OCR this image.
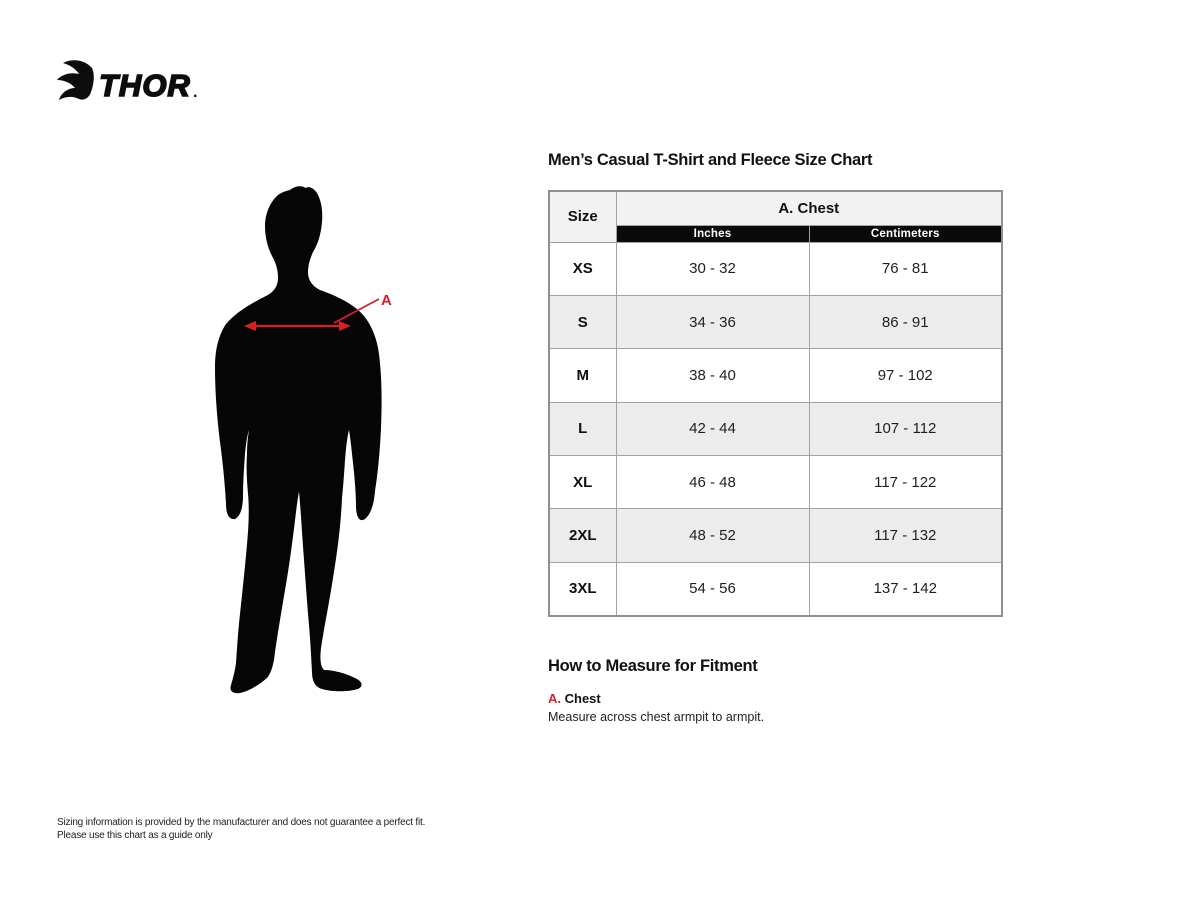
THOR .
A
Men’s Casual T-Shirt and Fleece Size Chart
Size	A. Chest	
	Inches	Centimeters
XS	30 - 32	76 - 81
S	34 - 36	86 - 91
M	38 - 40	97 - 102
L	42 - 44	107 - 112
XL	46 - 48	117 - 122
2XL	48 - 52	117 - 132
3XL	54 - 56	137 - 142
How to Measure for Fitment
A. Chest
Measure across chest armpit to armpit.
Sizing information is provided by the manufacturer and does not guarantee a perfect fit.
Please use this chart as a guide only
